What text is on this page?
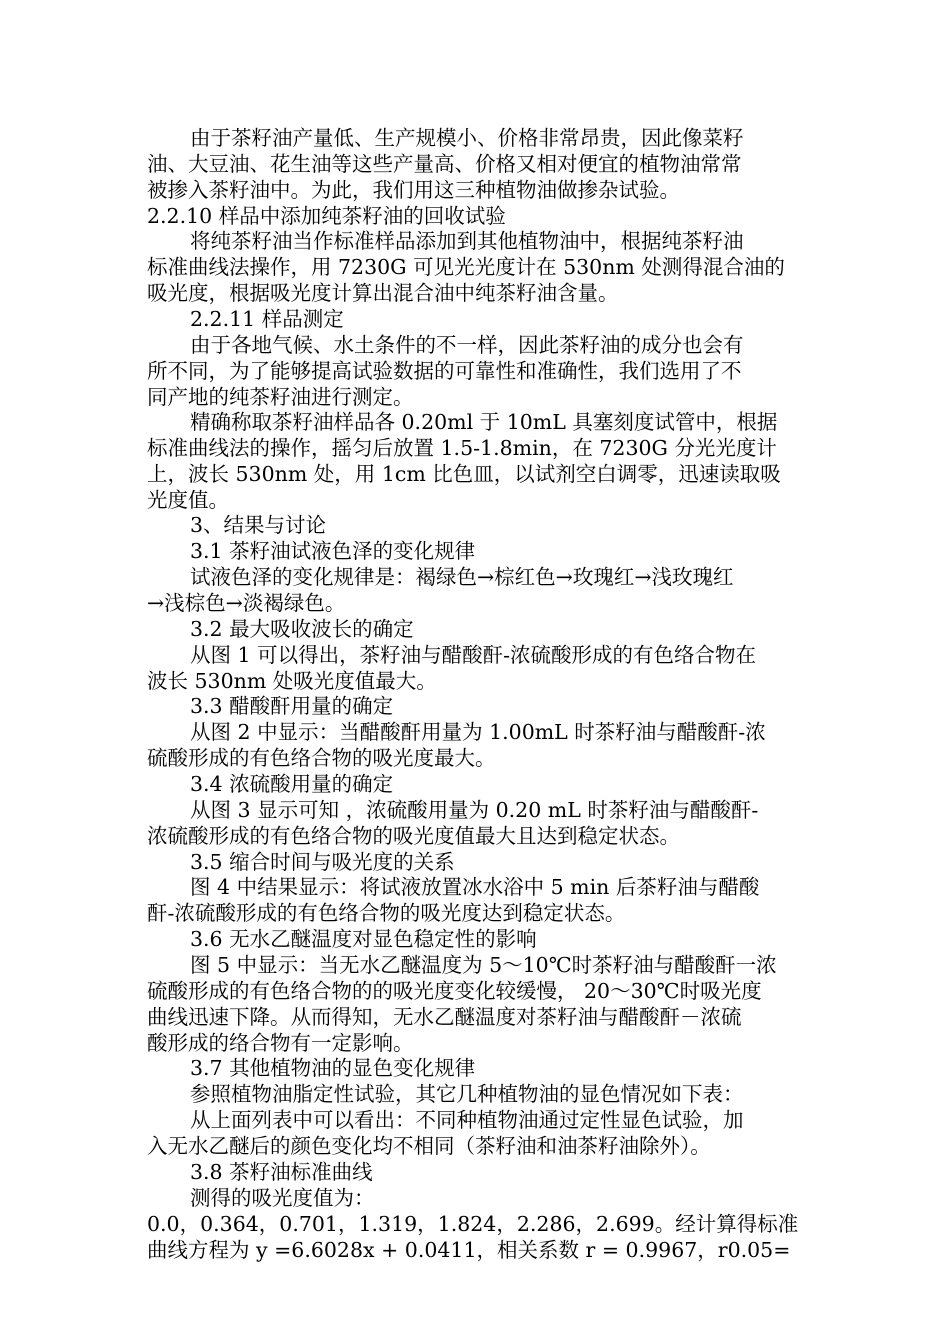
由于茶籽油产量低、生产规模小、价格非常昂贵，因此像菜籽
油、大豆油、花生油等这些产量高、价格又相对便宜的植物油常常
被掺入茶籽油中。为此，我们用这三种植物油做掺杂试验。
2.2.10 样品中添加纯茶籽油的回收试验
将纯茶籽油当作标准样品添加到其他植物油中，根据纯茶籽油
标准曲线法操作，用 7230G 可见光光度计在 530nm 处测得混合油的
吸光度，根据吸光度计算出混合油中纯茶籽油含量。
2.2.11 样品测定
由于各地气候、水土条件的不一样，因此茶籽油的成分也会有
所不同，为了能够提高试验数据的可靠性和准确性，我们选用了不
同产地的纯茶籽油进行测定。
精确称取茶籽油样品各 0.20ml 于 10mL 具塞刻度试管中，根据
标准曲线法的操作，摇匀后放置 1.5-1.8min，在 7230G 分光光度计
上，波长 530nm 处，用 1cm 比色皿，以试剂空白调零，迅速读取吸
光度值。
3、结果与讨论
3.1 茶籽油试液色泽的变化规律
试液色泽的变化规律是：褐绿色→棕红色→玫瑰红→浅玫瑰红
→浅棕色→淡褐绿色。
3.2 最大吸收波长的确定
从图 1 可以得出，茶籽油与醋酸酐-浓硫酸形成的有色络合物在
波长 530nm 处吸光度值最大。
3.3 醋酸酐用量的确定
从图 2 中显示：当醋酸酐用量为 1.00mL 时茶籽油与醋酸酐-浓
硫酸形成的有色络合物的吸光度最大。
3.4 浓硫酸用量的确定
从图 3 显示可知 ，浓硫酸用量为 0.20 mL 时茶籽油与醋酸酐-
浓硫酸形成的有色络合物的吸光度值最大且达到稳定状态。
3.5 缩合时间与吸光度的关系
图 4 中结果显示：将试液放置冰水浴中 5 min 后茶籽油与醋酸
酐-浓硫酸形成的有色络合物的吸光度达到稳定状态。
3.6 无水乙醚温度对显色稳定性的影响
图 5 中显示：当无水乙醚温度为 5～10℃时茶籽油与醋酸酐一浓
硫酸形成的有色络合物的的吸光度变化较缓慢， 20～30℃时吸光度
曲线迅速下降。从而得知，无水乙醚温度对茶籽油与醋酸酐－浓硫
酸形成的络合物有一定影响。
3.7 其他植物油的显色变化规律
参照植物油脂定性试验，其它几种植物油的显色情况如下表：
从上面列表中可以看出：不同种植物油通过定性显色试验，加
入无水乙醚后的颜色变化均不相同（茶籽油和油茶籽油除外）。
3.8 茶籽油标准曲线
测得的吸光度值为：
0.0，0.364，0.701，1.319，1.824，2.286，2.699。经计算得标准
曲线方程为 y =6.6028x + 0.0411，相关系数 r = 0.9967，r0.05=
